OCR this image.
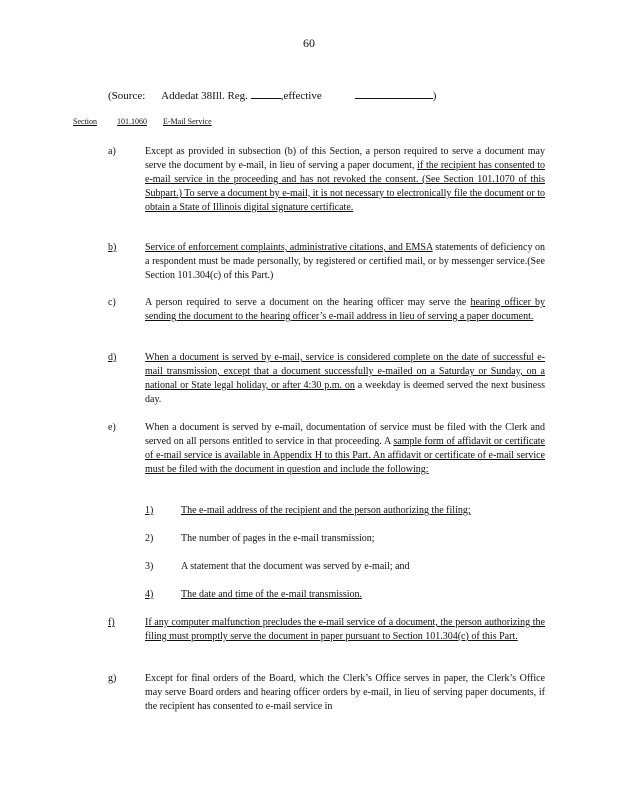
60
(Source: Addedat 38Ill. Reg.	,effective	)
Section	101.1060 E-Mail Service
a)	Except as provided in subsection (b) of this Section, a person required to serve a document may serve the document by e-mail, in lieu of serving a paper document, if the recipient has consented to e-mail service in the proceeding and has not revoked the consent. (See Section 101.1070 of this Subpart.) To serve a document by e-mail, it is not necessary to electronically file the document or to obtain a State of Illinois digital signature certificate.
b)	Service of enforcement complaints, administrative citations, and EMSA statements of deficiency on a respondent must be made personally, by registered or certified mail, or by messenger service.(See Section 101.304(c) of this Part.)
c)	A person required to serve a document on the hearing officer may serve the hearing officer by sending the document to the hearing officer’s e-mail address in lieu of serving a paper document.
d)	When a document is served by e-mail, service is considered complete on the date of successful e-mail transmission, except that a document successfully e-mailed on a Saturday or Sunday, on a national or State legal holiday, or after 4:30 p.m. on a weekday is deemed served the next business day.
e)	When a document is served by e-mail, documentation of service must be filed with the Clerk and served on all persons entitled to service in that proceeding. A sample form of affidavit or certificate of e-mail service is available in Appendix H to this Part. An affidavit or certificate of e-mail service must be filed with the document in question and include the following:
1)	The e-mail address of the recipient and the person authorizing the filing;
2)	The number of pages in the e-mail transmission;
3)	A statement that the document was served by e-mail; and
4)	The date and time of the e-mail transmission.
f)	If any computer malfunction precludes the e-mail service of a document, the person authorizing the filing must promptly serve the document in paper pursuant to Section 101.304(c) of this Part.
g)	Except for final orders of the Board, which the Clerk’s Office serves in paper, the Clerk’s Office may serve Board orders and hearing officer orders by e-mail, in lieu of serving paper documents, if the recipient has consented to e-mail service in
